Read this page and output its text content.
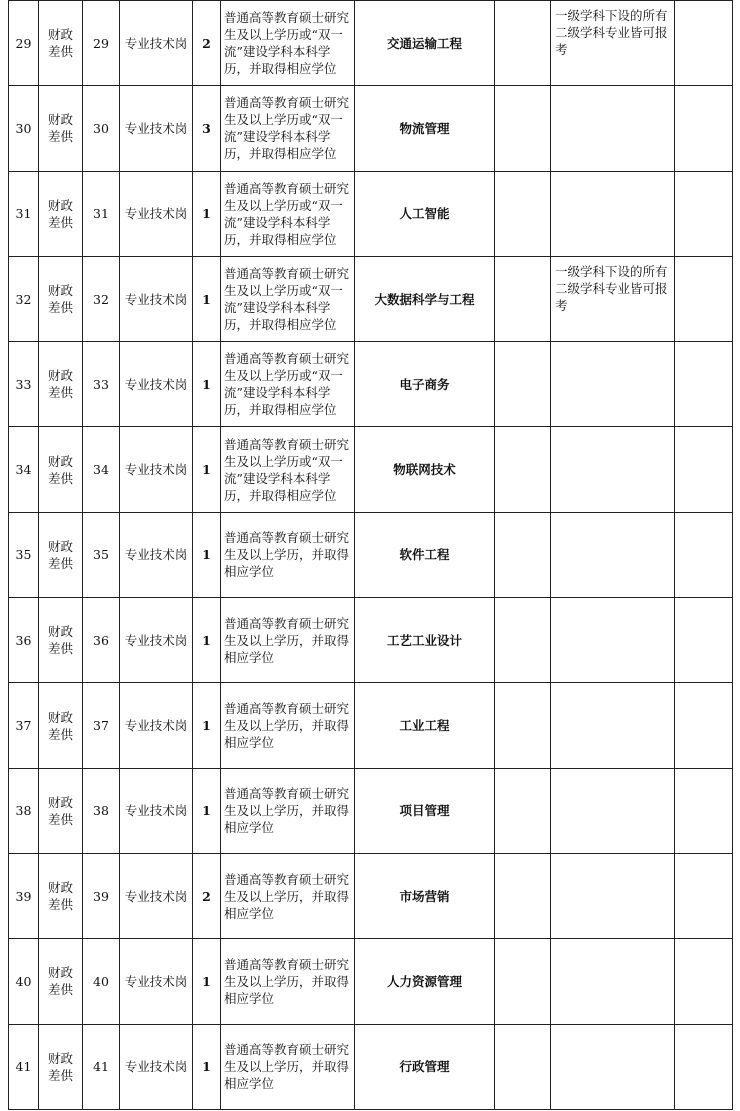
29	财政差供	29	专业技术岗	2	普通高等教育硕士研究生及以上学历或“双一流”建设学科本科学历，并取得相应学位	交通运输工程		一级学科下设的所有二级学科专业皆可报考	
30	财政差供	30	专业技术岗	3	普通高等教育硕士研究生及以上学历或“双一流”建设学科本科学历，并取得相应学位	物流管理			
31	财政差供	31	专业技术岗	1	普通高等教育硕士研究生及以上学历或“双一流”建设学科本科学历，并取得相应学位	人工智能			
32	财政差供	32	专业技术岗	1	普通高等教育硕士研究生及以上学历或“双一流”建设学科本科学历，并取得相应学位	大数据科学与工程		一级学科下设的所有二级学科专业皆可报考	
33	财政差供	33	专业技术岗	1	普通高等教育硕士研究生及以上学历或“双一流”建设学科本科学历，并取得相应学位	电子商务			
34	财政差供	34	专业技术岗	1	普通高等教育硕士研究生及以上学历或“双一流”建设学科本科学历，并取得相应学位	物联网技术			
35	财政差供	35	专业技术岗	1	普通高等教育硕士研究生及以上学历，并取得相应学位	软件工程			
36	财政差供	36	专业技术岗	1	普通高等教育硕士研究生及以上学历，并取得相应学位	工艺工业设计			
37	财政差供	37	专业技术岗	1	普通高等教育硕士研究生及以上学历，并取得相应学位	工业工程			
38	财政差供	38	专业技术岗	1	普通高等教育硕士研究生及以上学历，并取得相应学位	项目管理			
39	财政差供	39	专业技术岗	2	普通高等教育硕士研究生及以上学历，并取得相应学位	市场营销			
40	财政差供	40	专业技术岗	1	普通高等教育硕士研究生及以上学历，并取得相应学位	人力资源管理			
41	财政差供	41	专业技术岗	1	普通高等教育硕士研究生及以上学历，并取得相应学位	行政管理			
